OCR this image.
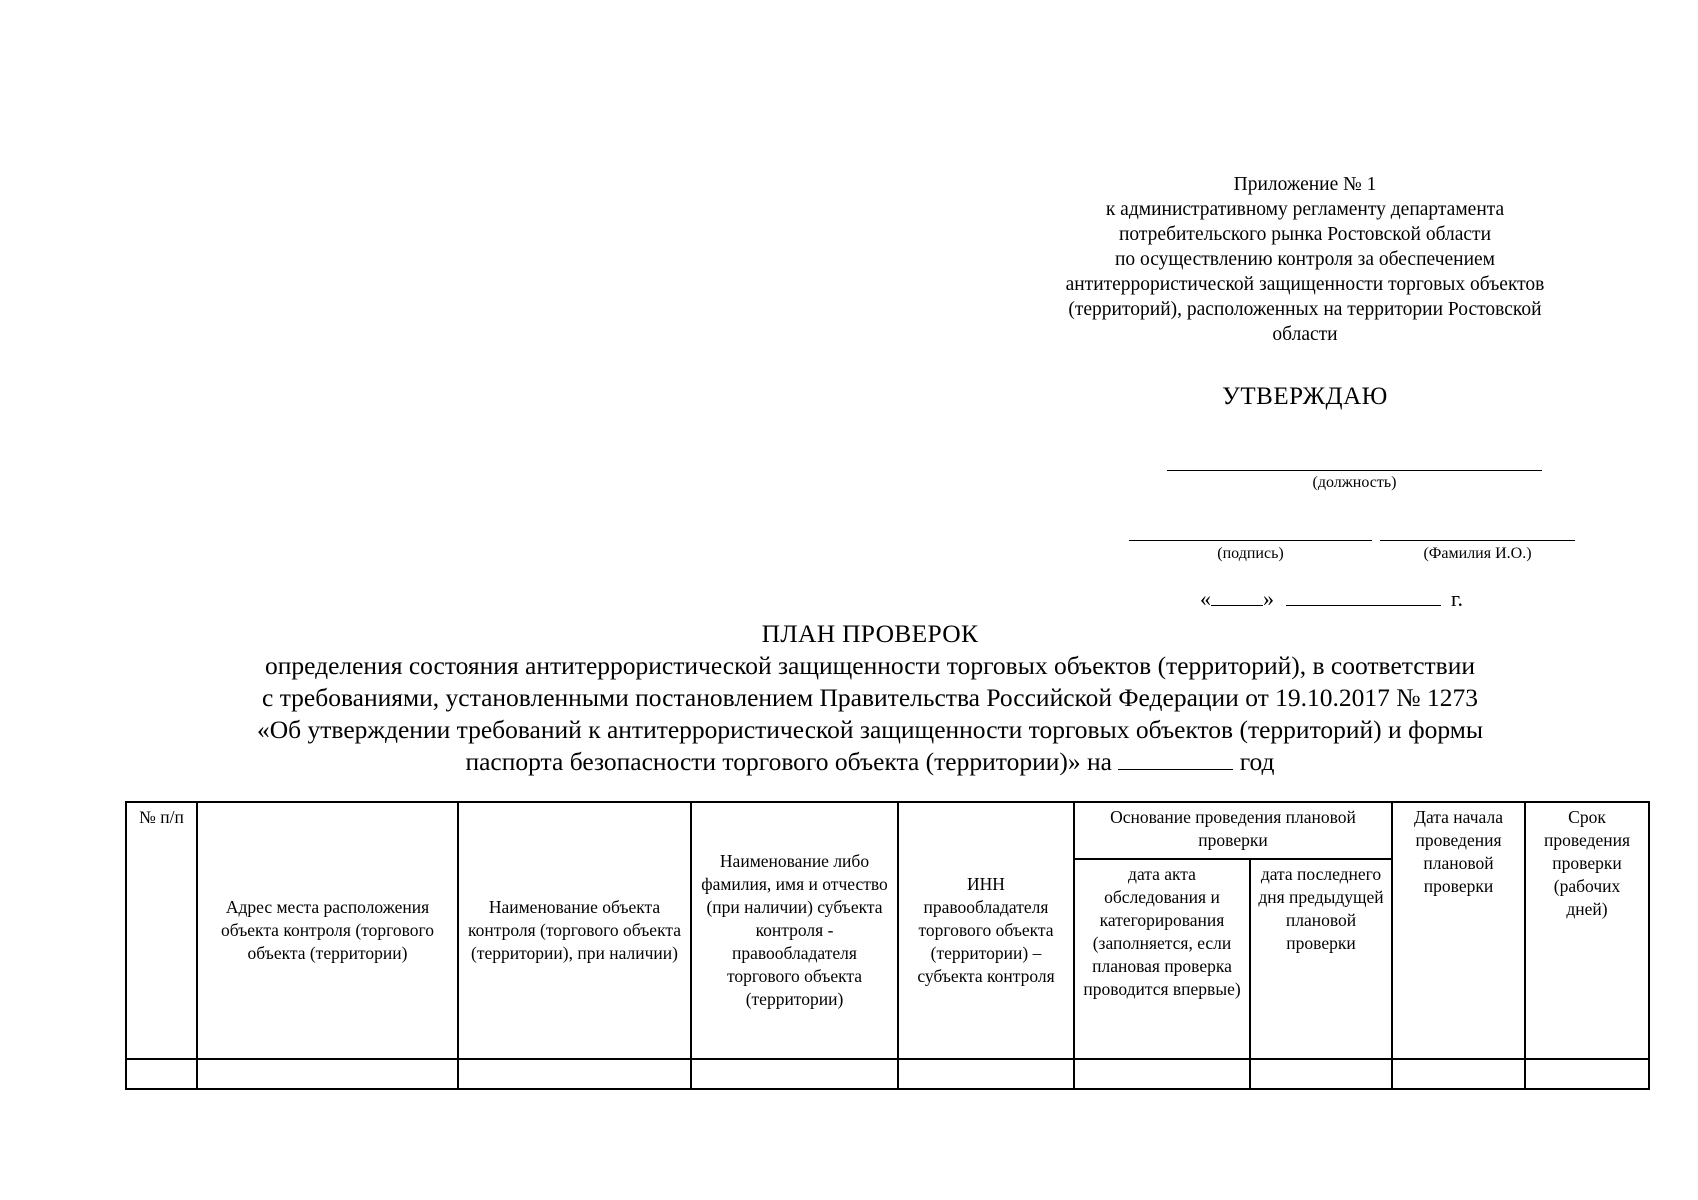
Приложение № 1
к административному регламенту департамента
потребительского рынка Ростовской области
по осуществлению контроля за обеспечением
антитеррористической защищенности торговых объектов
(территорий), расположенных на территории Ростовской
области
УТВЕРЖДАЮ
(должность)
(подпись)	(Фамилия И.О.)
« »	г.
ПЛАН ПРОВЕРОК
определения состояния антитеррористической защищенности торговых объектов (территорий), в соответствии
с требованиями, установленными постановлением Правительства Российской Федерации от 19.10.2017 № 1273
«Об утверждении требований к антитеррористической защищенности торговых объектов (территорий) и формы
паспорта безопасности торгового объекта (территории)» на	год
№ п/п	Адрес места расположения объекта контроля (торгового объекта (территории)	Наименование объекта контроля (торгового объекта (территории), при наличии)	Наименование либо фамилия, имя и отчество (при наличии) субъекта контроля - правообладателя торгового объекта (территории)	ИНН правообладателя торгового объекта (территории) – субъекта контроля	Основание проведения плановой проверки		Дата начала проведения плановой проверки	Срок проведения проверки (рабочих дней)
					дата акта обследования и категорирования (заполняется, если плановая проверка проводится впервые)	дата последнего дня предыдущей плановой проверки		
